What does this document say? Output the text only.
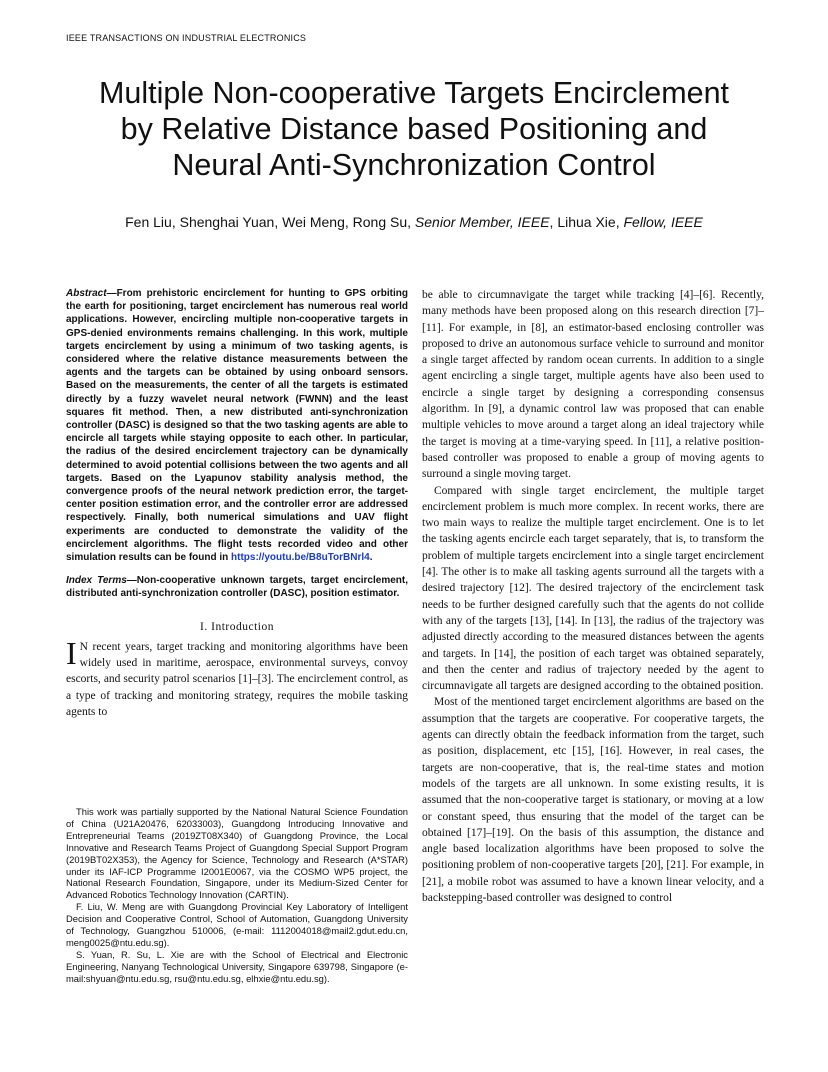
IEEE TRANSACTIONS ON INDUSTRIAL ELECTRONICS
Multiple Non-cooperative Targets Encirclement
by Relative Distance based Positioning and
Neural Anti-Synchronization Control
Fen Liu, Shenghai Yuan, Wei Meng, Rong Su, Senior Member, IEEE, Lihua Xie, Fellow, IEEE

Abstract—From prehistoric encirclement for hunting to GPS orbiting the earth for positioning, target encirclement has numerous real world applications. However, encircling multiple non-cooperative targets in GPS-denied environments remains challenging. In this work, multiple targets encirclement by using a minimum of two tasking agents, is considered where the relative distance measurements between the agents and the targets can be obtained by using onboard sensors. Based on the measurements, the center of all the targets is estimated directly by a fuzzy wavelet neural network (FWNN) and the least squares fit method. Then, a new distributed anti-synchronization controller (DASC) is designed so that the two tasking agents are able to encircle all targets while staying opposite to each other. In particular, the radius of the desired encirclement trajectory can be dynamically determined to avoid potential collisions between the two agents and all targets. Based on the Lyapunov stability analysis method, the convergence proofs of the neural network prediction error, the target-center position estimation error, and the controller error are addressed respectively. Finally, both numerical simulations and UAV flight experiments are conducted to demonstrate the validity of the encirclement algorithms. The flight tests recorded video and other simulation results can be found in https://youtu.be/B8uTorBNrl4.

Index Terms—Non-cooperative unknown targets, target encirclement, distributed anti-synchronization controller (DASC), position estimator.

I. Introduction

I N recent years, target tracking and monitoring algorithms have been widely used in maritime, aerospace, environmental surveys, convoy escorts, and security patrol scenarios [1]–[3]. The encirclement control, as a type of tracking and monitoring strategy, requires the mobile tasking agents to

This work was partially supported by the National Natural Science Foundation of China (U21A20476, 62033003), Guangdong Introducing Innovative and Entrepreneurial Teams (2019ZT08X340) of Guangdong Province, the Local Innovative and Research Teams Project of Guangdong Special Support Program (2019BT02X353), the Agency for Science, Technology and Research (A*STAR) under its IAF-ICP Programme I2001E0067, via the COSMO WP5 project, the National Research Foundation, Singapore, under its Medium-Sized Center for Advanced Robotics Technology Innovation (CARTIN).

F. Liu, W. Meng are with Guangdong Provincial Key Laboratory of Intelligent Decision and Cooperative Control, School of Automation, Guangdong University of Technology, Guangzhou 510006, (e-mail: 1112004018@mail2.gdut.edu.cn, meng0025@ntu.edu.sg).

S. Yuan, R. Su, L. Xie are with the School of Electrical and Electronic Engineering, Nanyang Technological University, Singapore 639798, Singapore (e-mail:shyuan@ntu.edu.sg, rsu@ntu.edu.sg, elhxie@ntu.edu.sg).

be able to circumnavigate the target while tracking [4]–[6]. Recently, many methods have been proposed along on this research direction [7]–[11]. For example, in [8], an estimator-based enclosing controller was proposed to drive an autonomous surface vehicle to surround and monitor a single target affected by random ocean currents. In addition to a single agent encircling a single target, multiple agents have also been used to encircle a single target by designing a corresponding consensus algorithm. In [9], a dynamic control law was proposed that can enable multiple vehicles to move around a target along an ideal trajectory while the target is moving at a time-varying speed. In [11], a relative position-based controller was proposed to enable a group of moving agents to surround a single moving target.

Compared with single target encirclement, the multiple target encirclement problem is much more complex. In recent works, there are two main ways to realize the multiple target encirclement. One is to let the tasking agents encircle each target separately, that is, to transform the problem of multiple targets encirclement into a single target encirclement [4]. The other is to make all tasking agents surround all the targets with a desired trajectory [12]. The desired trajectory of the encirclement task needs to be further designed carefully such that the agents do not collide with any of the targets [13], [14]. In [13], the radius of the trajectory was adjusted directly according to the measured distances between the agents and targets. In [14], the position of each target was obtained separately, and then the center and radius of trajectory needed by the agent to circumnavigate all targets are designed according to the obtained position.

Most of the mentioned target encirclement algorithms are based on the assumption that the targets are cooperative. For cooperative targets, the agents can directly obtain the feedback information from the target, such as position, displacement, etc [15], [16]. However, in real cases, the targets are non-cooperative, that is, the real-time states and motion models of the targets are all unknown. In some existing results, it is assumed that the non-cooperative target is stationary, or moving at a low or constant speed, thus ensuring that the model of the target can be obtained [17]–[19]. On the basis of this assumption, the distance and angle based localization algorithms have been proposed to solve the positioning problem of non-cooperative targets [20], [21]. For example, in [21], a mobile robot was assumed to have a known linear velocity, and a backstepping-based controller was designed to control
